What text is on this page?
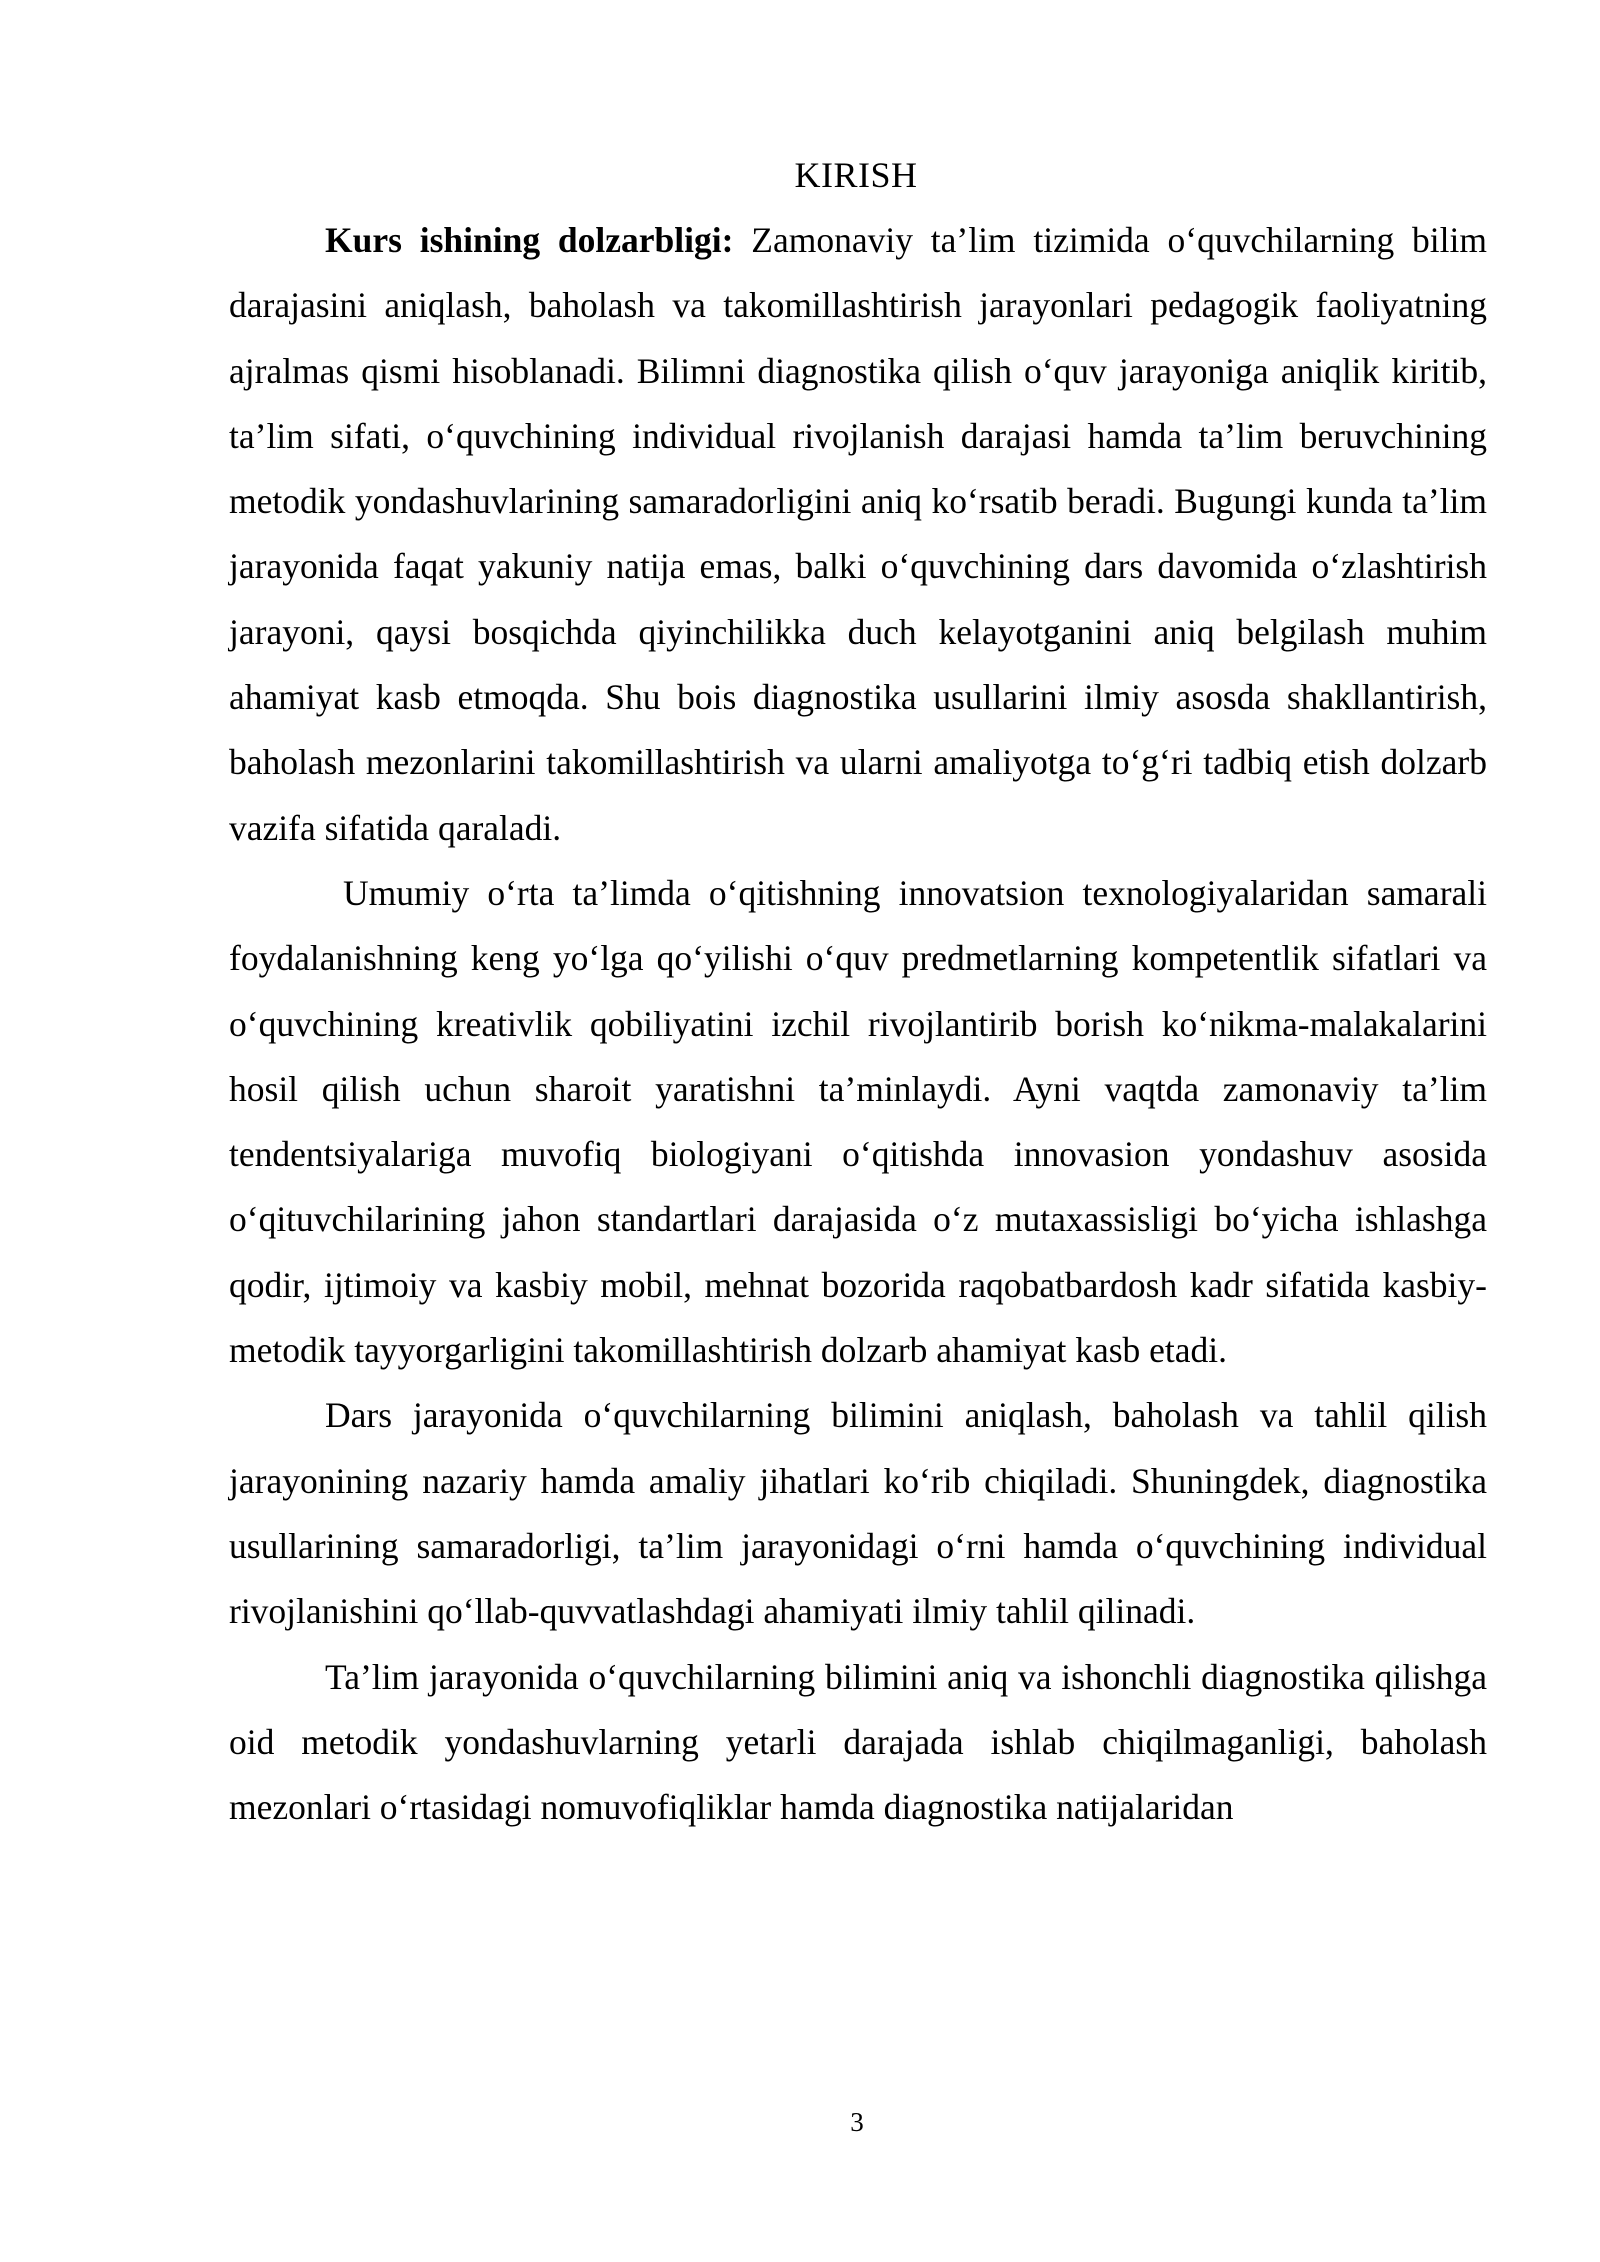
KIRISH

Kurs ishining dolzarbligi: Zamonaviy ta’lim tizimida o‘quvchilarning bilim darajasini aniqlash, baholash va takomillashtirish jarayonlari pedagogik faoliyatning ajralmas qismi hisoblanadi. Bilimni diagnostika qilish o‘quv jarayoniga aniqlik kiritib, ta’lim sifati, o‘quvchining individual rivojlanish darajasi hamda ta’lim beruvchining metodik yondashuvlarining samaradorligini aniq ko‘rsatib beradi. Bugungi kunda ta’lim jarayonida faqat yakuniy natija emas, balki o‘quvchining dars davomida o‘zlashtirish jarayoni, qaysi bosqichda qiyinchilikka duch kelayotganini aniq belgilash muhim ahamiyat kasb etmoqda. Shu bois diagnostika usullarini ilmiy asosda shakllantirish, baholash mezonlarini takomillashtirish va ularni amaliyotga to‘g‘ri tadbiq etish dolzarb vazifa sifatida qaraladi.

Umumiy o‘rta ta’limda o‘qitishning innovatsion texnologiyalaridan samarali foydalanishning keng yo‘lga qo‘yilishi o‘quv predmetlarning kompetentlik sifatlari va o‘quvchining kreativlik qobiliyatini izchil rivojlantirib borish ko‘nikma-malakalarini hosil qilish uchun sharoit yaratishni ta’minlaydi. Ayni vaqtda zamonaviy ta’lim tendentsiyalariga muvofiq biologiyani o‘qitishda innovasion yondashuv asosida o‘qituvchilarining jahon standartlari darajasida o‘z mutaxassisligi bo‘yicha ishlashga qodir, ijtimoiy va kasbiy mobil, mehnat bozorida raqobatbardosh kadr sifatida kasbiy-metodik tayyorgarligini takomillashtirish dolzarb ahamiyat kasb etadi.

Dars jarayonida o‘quvchilarning bilimini aniqlash, baholash va tahlil qilish jarayonining nazariy hamda amaliy jihatlari ko‘rib chiqiladi. Shuningdek, diagnostika usullarining samaradorligi, ta’lim jarayonidagi o‘rni hamda o‘quvchining individual rivojlanishini qo‘llab-quvvatlashdagi ahamiyati ilmiy tahlil qilinadi.

Ta’lim jarayonida o‘quvchilarning bilimini aniq va ishonchli diagnostika qilishga oid metodik yondashuvlarning yetarli darajada ishlab chiqilmaganligi, baholash mezonlari o‘rtasidagi nomuvofiqliklar hamda diagnostika natijalaridan

3
